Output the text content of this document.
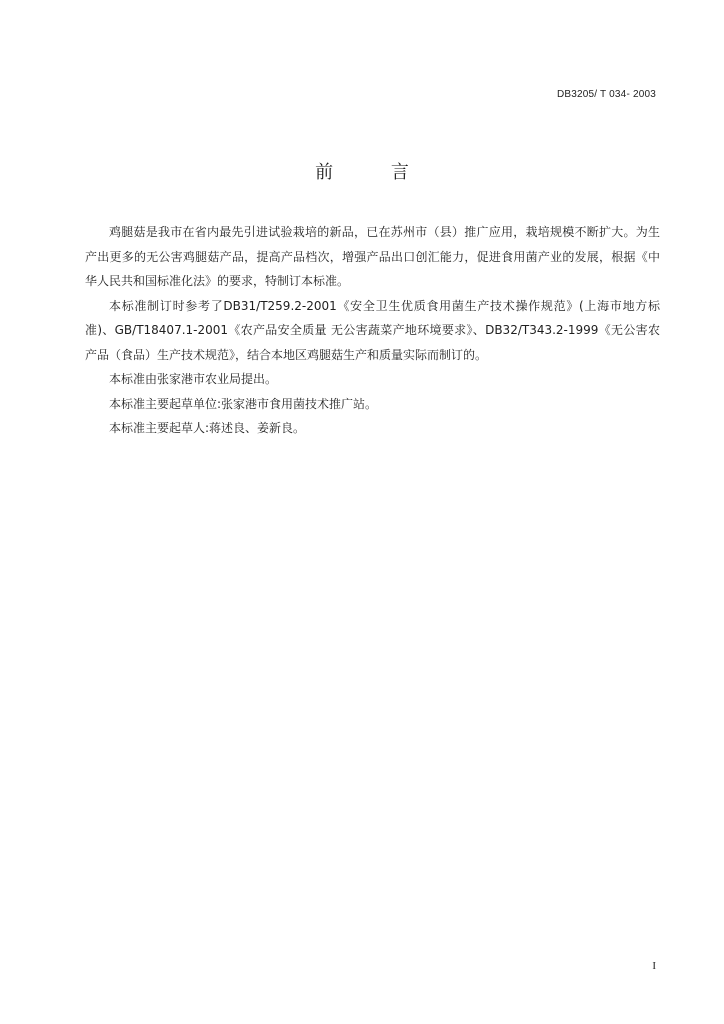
DB3205/ T 034- 2003
前 言

鸡腿菇是我市在省内最先引进试验栽培的新品，已在苏州市（县）推广应用，栽培规模不断扩大。为生产出更多的无公害鸡腿菇产品，提高产品档次，增强产品出口创汇能力，促进食用菌产业的发展，根据《中华人民共和国标准化法》的要求，特制订本标准。

本标准制订时参考了DB31/T259.2-2001《安全卫生优质食用菌生产技术操作规范》(上海市地方标准)、GB/T18407.1-2001《农产品安全质量 无公害蔬菜产地环境要求》、DB32/T343.2-1999《无公害农产品（食品）生产技术规范》，结合本地区鸡腿菇生产和质量实际而制订的。

本标准由张家港市农业局提出。

本标准主要起草单位:张家港市食用菌技术推广站。

本标准主要起草人:蒋述良、姜新良。

I
